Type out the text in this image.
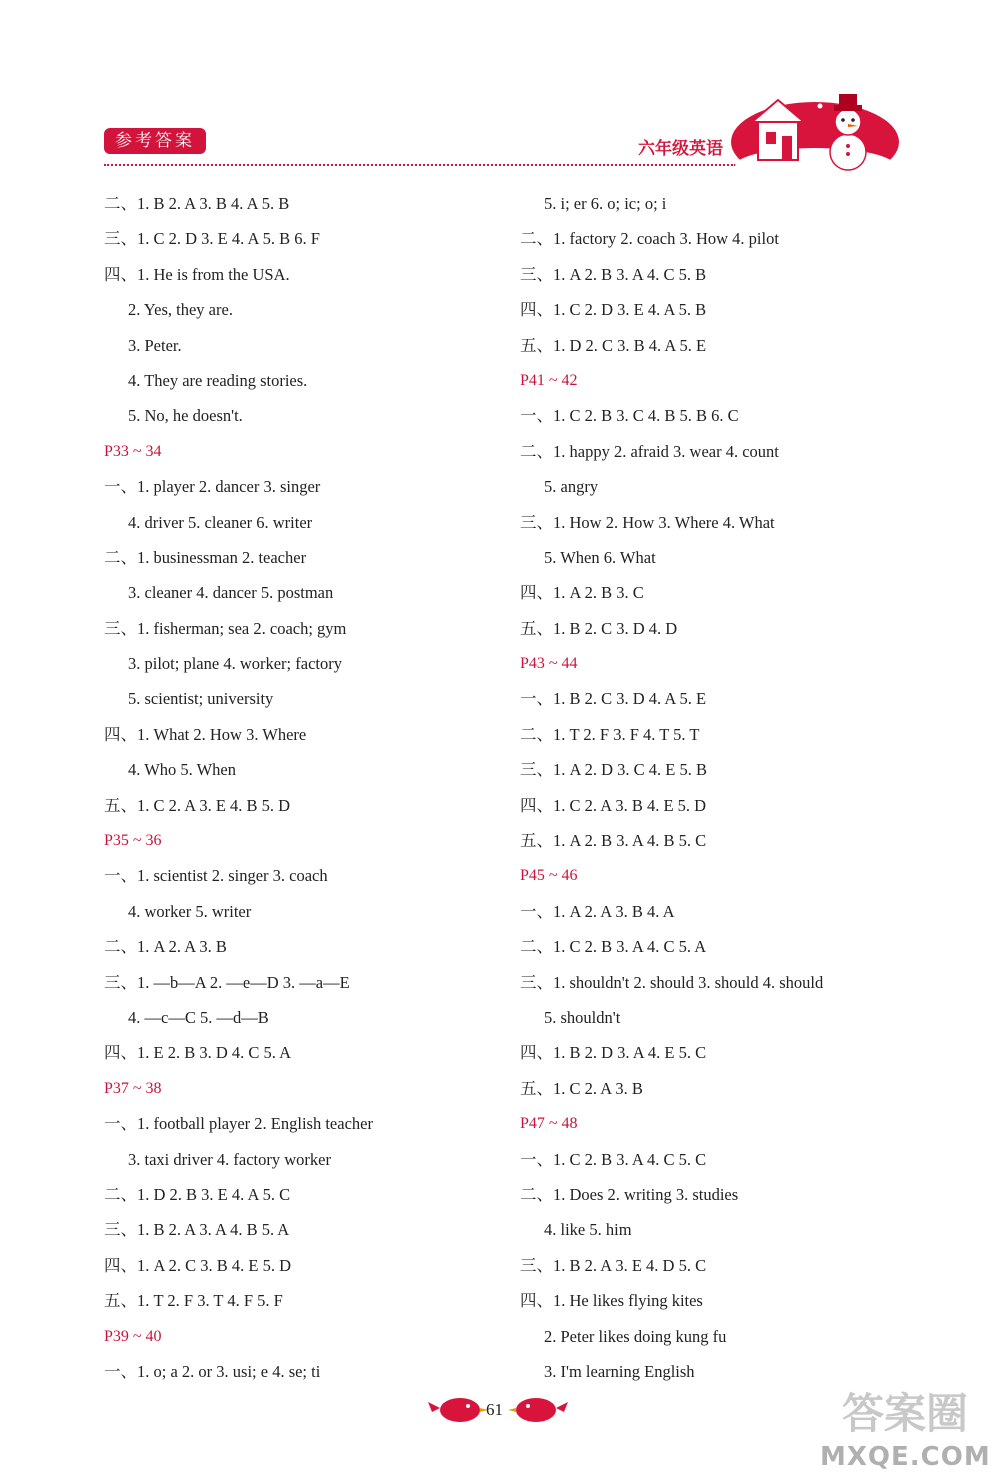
参考答案	六年级英语
二、1. B 2. A 3. B 4. A 5. B
三、1. C 2. D 3. E 4. A 5. B 6. F
四、1. He is from the USA.
2. Yes, they are.
3. Peter.
4. They are reading stories.
5. No, he doesn't.
P33 ~ 34
一、1. player 2. dancer 3. singer
4. driver 5. cleaner 6. writer
二、1. businessman 2. teacher
3. cleaner 4. dancer 5. postman
三、1. fisherman; sea 2. coach; gym
3. pilot; plane 4. worker; factory
5. scientist; university
四、1. What 2. How 3. Where
4. Who 5. When
五、1. C 2. A 3. E 4. B 5. D
P35 ~ 36
一、1. scientist 2. singer 3. coach
4. worker 5. writer
二、1. A 2. A 3. B
三、1. —b—A 2. —e—D 3. —a—E
4. —c—C 5. —d—B
四、1. E 2. B 3. D 4. C 5. A
P37 ~ 38
一、1. football player 2. English teacher
3. taxi driver 4. factory worker
二、1. D 2. B 3. E 4. A 5. C
三、1. B 2. A 3. A 4. B 5. A
四、1. A 2. C 3. B 4. E 5. D
五、1. T 2. F 3. T 4. F 5. F
P39 ~ 40
一、1. o; a 2. or 3. usi; e 4. se; ti
5. i; er 6. o; ic; o; i
二、1. factory 2. coach 3. How 4. pilot
三、1. A 2. B 3. A 4. C 5. B
四、1. C 2. D 3. E 4. A 5. B
五、1. D 2. C 3. B 4. A 5. E
P41 ~ 42
一、1. C 2. B 3. C 4. B 5. B 6. C
二、1. happy 2. afraid 3. wear 4. count
5. angry
三、1. How 2. How 3. Where 4. What
5. When 6. What
四、1. A 2. B 3. C
五、1. B 2. C 3. D 4. D
P43 ~ 44
一、1. B 2. C 3. D 4. A 5. E
二、1. T 2. F 3. F 4. T 5. T
三、1. A 2. D 3. C 4. E 5. B
四、1. C 2. A 3. B 4. E 5. D
五、1. A 2. B 3. A 4. B 5. C
P45 ~ 46
一、1. A 2. A 3. B 4. A
二、1. C 2. B 3. A 4. C 5. A
三、1. shouldn't 2. should 3. should 4. should
5. shouldn't
四、1. B 2. D 3. A 4. E 5. C
五、1. C 2. A 3. B
P47 ~ 48
一、1. C 2. B 3. A 4. C 5. C
二、1. Does 2. writing 3. studies
4. like 5. him
三、1. B 2. A 3. E 4. D 5. C
四、1. He likes flying kites
2. Peter likes doing kung fu
3. I'm learning English
61	答案圈
MXQE.COM
